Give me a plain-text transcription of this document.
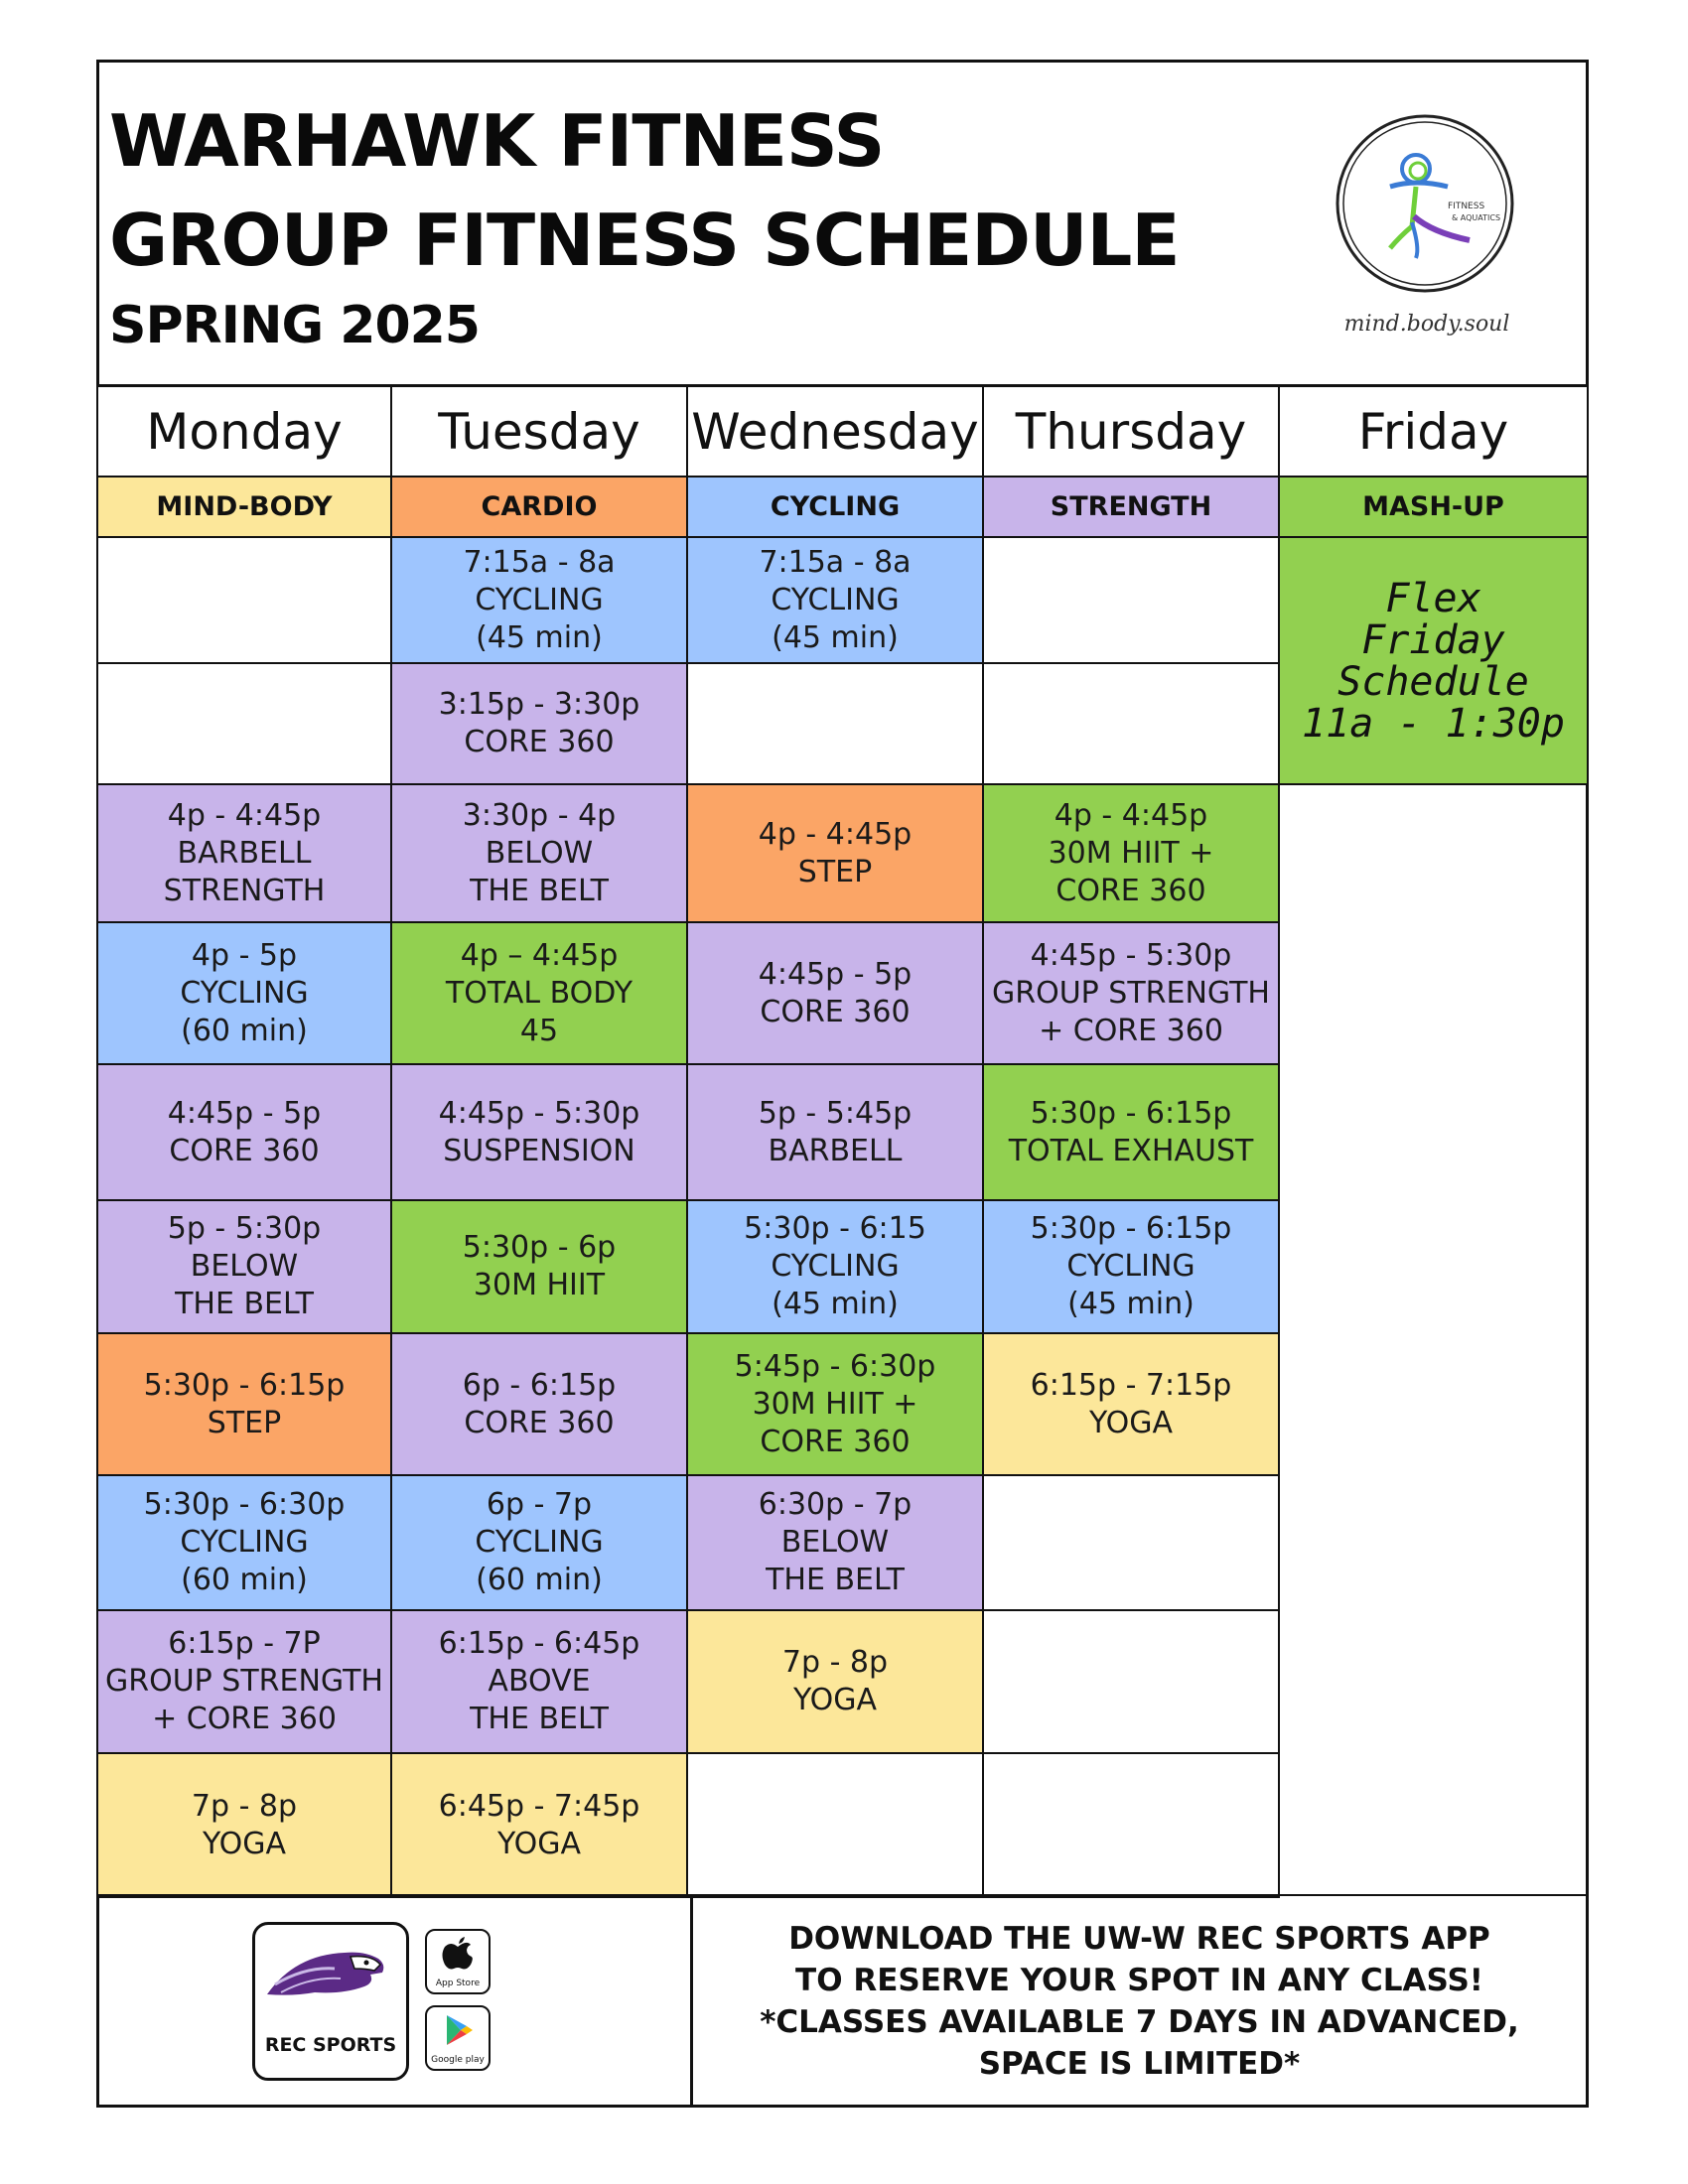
WARHAWK FITNESS
GROUP FITNESS SCHEDULE
SPRING 2025
FITNESS
& AQUATICS
mind.body.soul
Monday
MIND-BODY
Tuesday
CARDIO
Wednesday
CYCLING
Thursday
STRENGTH
Friday
MASH-UP
4p - 4:45p
BARBELL
STRENGTH
4p - 5p
CYCLING
(60 min)
4:45p - 5p
CORE 360
5p - 5:30p
BELOW
THE BELT
5:30p - 6:15p
STEP
5:30p - 6:30p
CYCLING
(60 min)
6:15p - 7P
GROUP STRENGTH
+ CORE 360
7p - 8p
YOGA
7:15a - 8a
CYCLING
(45 min)
3:15p - 3:30p
CORE 360
3:30p - 4p
BELOW
THE BELT
4p – 4:45p
TOTAL BODY
45
4:45p - 5:30p
SUSPENSION
5:30p - 6p
30M HIIT
6p - 6:15p
CORE 360
6p - 7p
CYCLING
(60 min)
6:15p - 6:45p
ABOVE
THE BELT
6:45p - 7:45p
YOGA
7:15a - 8a
CYCLING
(45 min)
4p - 4:45p
STEP
4:45p - 5p
CORE 360
5p - 5:45p
BARBELL
5:30p - 6:15
CYCLING
(45 min)
5:45p - 6:30p
30M HIIT +
CORE 360
6:30p - 7p
BELOW
THE BELT
7p - 8p
YOGA
4p - 4:45p
30M HIIT +
CORE 360
4:45p - 5:30p
GROUP STRENGTH
+ CORE 360
5:30p - 6:15p
TOTAL EXHAUST
5:30p - 6:15p
CYCLING
(45 min)
6:15p - 7:15p
YOGA
Flex
Friday
Schedule
11a - 1:30p
REC SPORTS
App Store
Google play
DOWNLOAD THE UW-W REC SPORTS APP
TO RESERVE YOUR SPOT IN ANY CLASS!
*CLASSES AVAILABLE 7 DAYS IN ADVANCED,
SPACE IS LIMITED*
